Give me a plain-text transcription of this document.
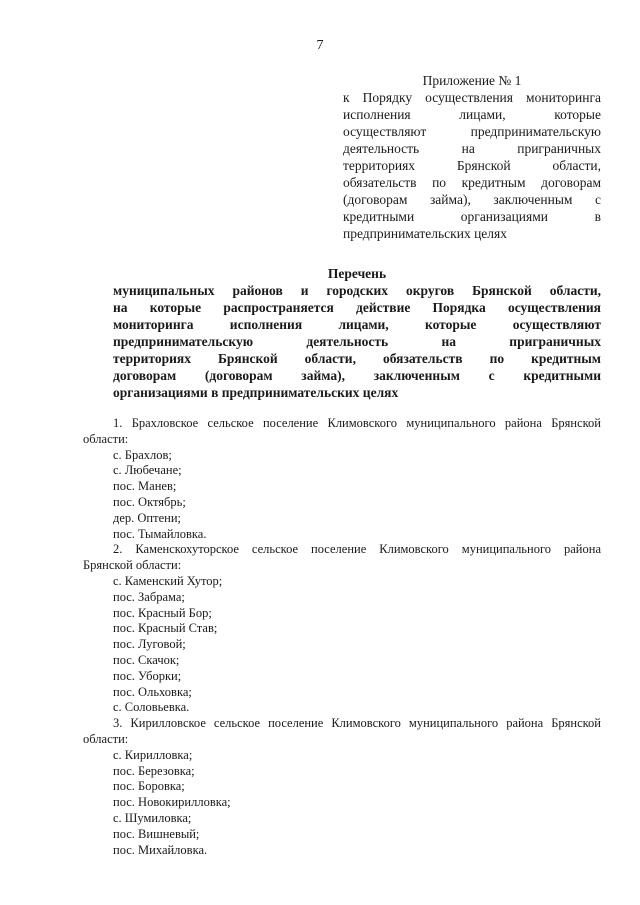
7
Приложение № 1
к Порядку осуществления мониторинга
исполнения лицами, которые
осуществляют предпринимательскую
деятельность на приграничных
территориях Брянской области,
обязательств по кредитным договорам
(договорам займа), заключенным с
кредитными организациями в
предпринимательских целях
Перечень
муниципальных районов и городских округов Брянской области,
на которые распространяется действие Порядка осуществления
мониторинга исполнения лицами, которые осуществляют
предпринимательскую деятельность на приграничных
территориях Брянской области, обязательств по кредитным
договорам (договорам займа), заключенным с кредитными
организациями в предпринимательских целях
1. Брахловское сельское поселение Климовского муниципального района Брянской
области:
с. Брахлов;
с. Любечане;
пос. Манев;
пос. Октябрь;
дер. Оптени;
пос. Тымайловка.
2. Каменскохуторское сельское поселение Климовского муниципального района
Брянской области:
с. Каменский Хутор;
пос. Забрама;
пос. Красный Бор;
пос. Красный Став;
пос. Луговой;
пос. Скачок;
пос. Уборки;
пос. Ольховка;
с. Соловьевка.
3. Кирилловское сельское поселение Климовского муниципального района Брянской
области:
с. Кирилловка;
пос. Березовка;
пос. Боровка;
пос. Новокирилловка;
с. Шумиловка;
пос. Вишневый;
пос. Михайловка.
